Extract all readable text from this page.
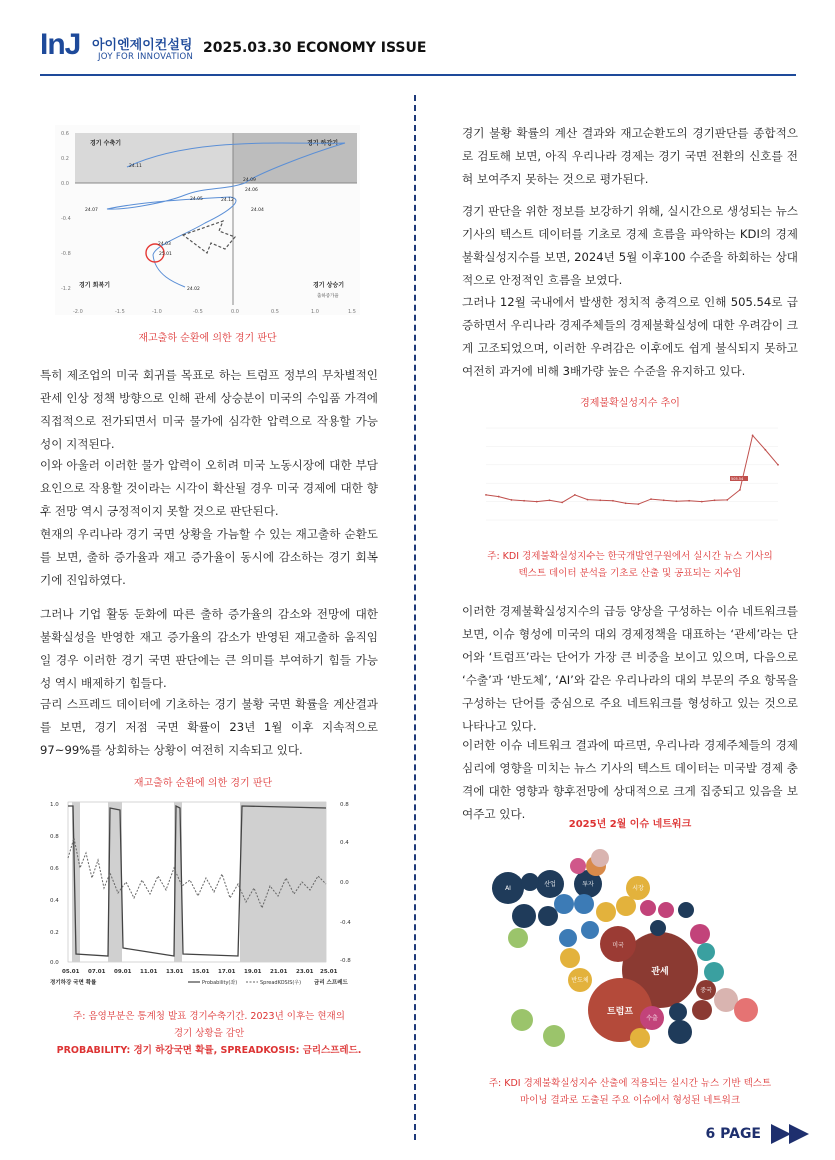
InJ 아이엔제이컨설팅
JOY FOR INNOVATION
2025.03.30 ECONOMY ISSUE
0.6
0.2
0.0
-0.4
-0.8
-1.2
-2.0	-1.5	-1.0	-0.5	0.0	0.5	1.0	1.5
경기 수축기	경기 하강기
경기 회복기	경기 상승기
출하증가율
24.11
24.09
24.06
24.05	24.12
24.07	24.04
24.03
25.01
24.02
재고출하 순환에 의한 경기 판단

특히 제조업의 미국 회귀를 목표로 하는 트럼프 정부의 무차별적인 관세 인상 정책 방향으로 인해 관세 상승분이 미국의 수입품 가격에 직접적으로 전가되면서 미국 물가에 심각한 압력으로 작용할 가능성이 지적된다.

이와 아울러 이러한 물가 압력이 오히려 미국 노동시장에 대한 부담 요인으로 작용할 것이라는 시각이 확산될 경우 미국 경제에 대한 향후 전망 역시 긍정적이지 못할 것으로 판단된다.

현재의 우리나라 경기 국면 상황을 가늠할 수 있는 재고출하 순환도를 보면, 출하 증가율과 재고 증가율이 동시에 감소하는 경기 회복기에 진입하였다.

그러나 기업 활동 둔화에 따른 출하 증가율의 감소와 전망에 대한 불확실성을 반영한 재고 증가율의 감소가 반영된 재고출하 움직임일 경우 이러한 경기 국면 판단에는 큰 의미를 부여하기 힘들 가능성 역시 배제하기 힘들다.

금리 스프레드 데이터에 기초하는 경기 불황 국면 확률을 계산결과를 보면, 경기 저점 국면 확률이 23년 1월 이후 지속적으로 97~99%를 상회하는 상황이 여전히 지속되고 있다.

재고출하 순환에 의한 경기 판단
1.0
0.8
0.6
0.4
0.2
0.0
0.8
0.4
0.0
-0.4
-0.8
05.01 07.01 09.01 11.01 13.01 15.01 17.01 19.01 21.01 23.01 25.01
경기하강 국면 확률	Probability(좌)	SpreadKOSIS(우) 금리 스프레드
주: 음영부분은 통계청 발표 경기수축기간. 2023년 이후는 현재의
경기 상황을 감안
PROBABILITY: 경기 하강국면 확률, SPREADKOSIS: 금리스프레드.

경기 불황 확률의 계산 결과와 재고순환도의 경기판단를 종합적으로 검토해 보면, 아직 우리나라 경제는 경기 국면 전환의 신호를 전혀 보여주지 못하는 것으로 평가된다.

경기 판단을 위한 정보를 보강하기 위해, 실시간으로 생성되는 뉴스 기사의 텍스트 데이터를 기초로 경제 흐름을 파악하는 KDI의 경제불확실성지수를 보면, 2024년 5월 이후100 수준을 하회하는 상대적으로 안정적인 흐름을 보였다.

그러나 12월 국내에서 발생한 정치적 충격으로 인해 505.54로 급증하면서 우리나라 경제주체들의 경제불확실성에 대한 우려감이 크게 고조되었으며, 이러한 우려감은 이후에도 쉽게 불식되지 못하고 여전히 과거에 비해 3배가량 높은 수준을 유지하고 있다.

경제불확실성지수 추이
505.54
주: KDI 경제불확실성지수는 한국개발연구원에서 실시간 뉴스 기사의
텍스트 데이터 분석을 기초로 산출 및 공표되는 지수임

이러한 경제불확실성지수의 급등 양상을 구성하는 이슈 네트워크를 보면, 이슈 형성에 미국의 대외 경제정책을 대표하는 ‘관세’라는 단어와 ‘트럼프’라는 단어가 가장 큰 비중을 보이고 있으며, 다음으로 ‘수출’과 ‘반도체’, ‘AI’와 같은 우리나라의 대외 부문의 주요 항목을 구성하는 단어를 중심으로 주요 네트워크를 형성하고 있는 것으로 나타나고 있다.

이러한 이슈 네트워크 결과에 따르면, 우리나라 경제주체들의 경제심리에 영향을 미치는 뉴스 기사의 텍스트 데이터는 미국발 경제 충격에 대한 영향과 향후전망에 상대적으로 크게 집중되고 있음을 보여주고 있다.

2025년 2월 이슈 네트워크
관세
트럼프
미국
수출
반도체
AI
투자
산업
시장
중국
주: KDI 경제불확실성지수 산출에 적용되는 실시간 뉴스 기반 텍스트
마이닝 결과로 도출된 주요 이슈에서 형성된 네트워크
6 PAGE
